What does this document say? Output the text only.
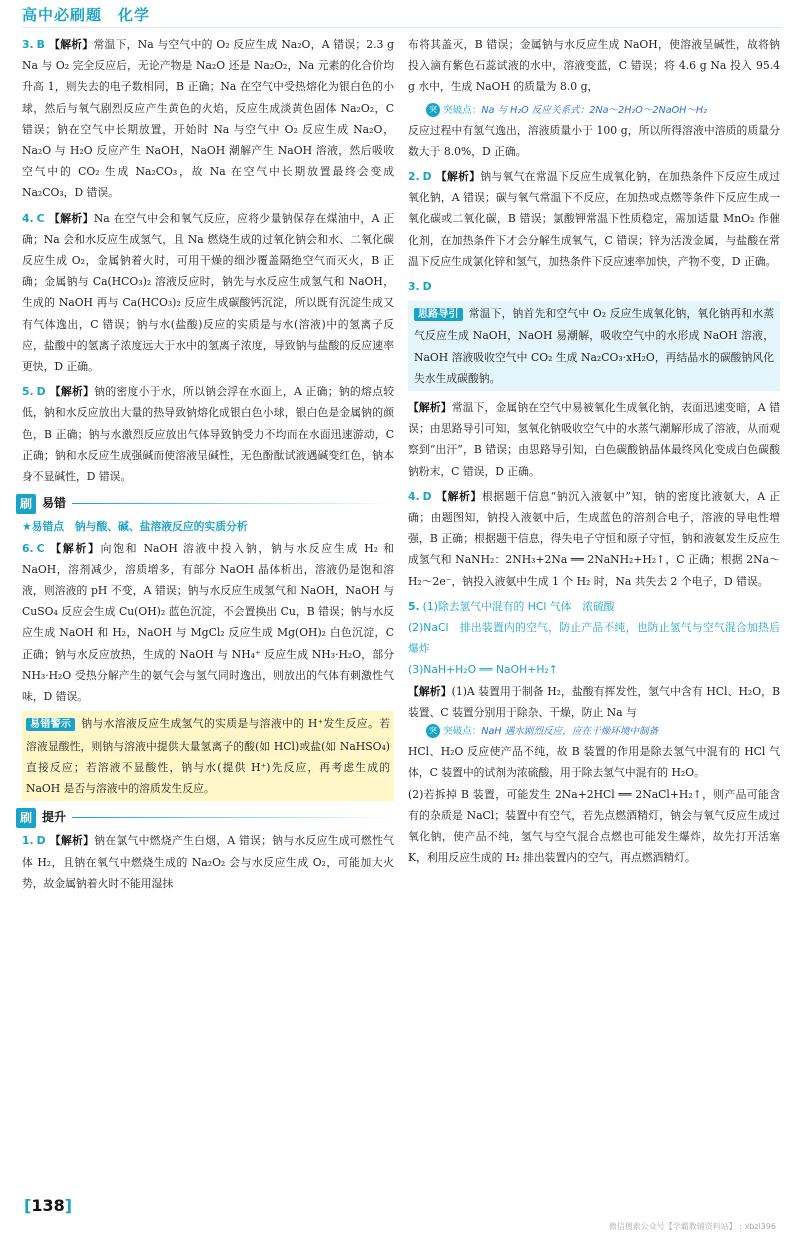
高中必刷题　化学
3. B 【解析】常温下，Na 与空气中的 O₂ 反应生成 Na₂O，A 错误；2.3 g Na 与 O₂ 完全反应后，无论产物是 Na₂O 还是 Na₂O₂，Na 元素的化合价均升高 1，则失去的电子数相同，B 正确；Na 在空气中受热熔化为银白色的小球，然后与氧气剧烈反应产生黄色的火焰，反应生成淡黄色固体 Na₂O₂，C 错误；钠在空气中长期放置，开始时 Na 与空气中 O₂ 反应生成 Na₂O，Na₂O 与 H₂O 反应产生 NaOH，NaOH 潮解产生 NaOH 溶液，然后吸收空气中的 CO₂ 生成 Na₂CO₃，故 Na 在空气中长期放置最终会变成 Na₂CO₃，D 错误。
4. C 【解析】Na 在空气中会和氧气反应，应将少量钠保存在煤油中，A 正确；Na 会和水反应生成氢气，且 Na 燃烧生成的过氧化钠会和水、二氧化碳反应生成 O₂，金属钠着火时，可用干燥的细沙覆盖隔绝空气而灭火，B 正确；金属钠与 Ca(HCO₃)₂ 溶液反应时，钠先与水反应生成氢气和 NaOH，生成的 NaOH 再与 Ca(HCO₃)₂ 反应生成碳酸钙沉淀，所以既有沉淀生成又有气体逸出，C 错误；钠与水(盐酸)反应的实质是与水(溶液)中的氢离子反应，盐酸中的氢离子浓度远大于水中的氢离子浓度，导致钠与盐酸的反应速率更快，D 正确。
5. D 【解析】钠的密度小于水，所以钠会浮在水面上，A 正确；钠的熔点较低，钠和水反应放出大量的热导致钠熔化成银白色小球，银白色是金属钠的颜色，B 正确；钠与水激烈反应放出气体导致钠受力不均而在水面迅速游动，C 正确；钠和水反应生成强碱而使溶液呈碱性，无色酚酞试液遇碱变红色，钠本身不显碱性，D 错误。
刷 易错
★易错点　钠与酸、碱、盐溶液反应的实质分析
6. C 【解析】向饱和 NaOH 溶液中投入钠，钠与水反应生成 H₂ 和 NaOH，溶剂减少，溶质增多，有部分 NaOH 晶体析出，溶液仍是饱和溶液，则溶液的 pH 不变，A 错误；钠与水反应生成氢气和 NaOH，NaOH 与 CuSO₄ 反应会生成 Cu(OH)₂ 蓝色沉淀，不会置换出 Cu，B 错误；钠与水反应生成 NaOH 和 H₂，NaOH 与 MgCl₂ 反应生成 Mg(OH)₂ 白色沉淀，C 正确；钠与水反应放热，生成的 NaOH 与 NH₄⁺ 反应生成 NH₃·H₂O，部分 NH₃·H₂O 受热分解产生的氨气会与氢气同时逸出，则放出的气体有刺激性气味，D 错误。
易错警示 钠与水溶液反应生成氢气的实质是与溶液中的 H⁺发生反应。若溶液显酸性，则钠与溶液中提供大量氢离子的酸(如 HCl)或盐(如 NaHSO₄)直接反应；若溶液不显酸性，钠与水(提供 H⁺)先反应，再考虑生成的 NaOH 是否与溶液中的溶质发生反应。
刷 提升
1. D 【解析】钠在氯气中燃烧产生白烟，A 错误；钠与水反应生成可燃性气体 H₂，且钠在氧气中燃烧生成的 Na₂O₂ 会与水反应生成 O₂，可能加大火势，故金属钠着火时不能用湿抹
布将其盖灭，B 错误；金属钠与水反应生成 NaOH，使溶液呈碱性，故将钠投入滴有紫色石蕊试液的水中，溶液变蓝，C 错误；将 4.6 g Na 投入 95.4 g 水中，生成 NaOH 的质量为 8.0 g，
突 突破点：Na 与 H₂O 反应关系式：2Na～2H₂O～2NaOH～H₂
反应过程中有氢气逸出，溶液质量小于 100 g，所以所得溶液中溶质的质量分数大于 8.0%，D 正确。
2. D 【解析】钠与氧气在常温下反应生成氧化钠，在加热条件下反应生成过氧化钠，A 错误；碳与氧气常温下不反应，在加热或点燃等条件下反应生成一氧化碳或二氧化碳，B 错误；氯酸钾常温下性质稳定，需加适量 MnO₂ 作催化剂，在加热条件下才会分解生成氧气，C 错误；锌为活泼金属，与盐酸在常温下反应生成氯化锌和氢气，加热条件下反应速率加快，产物不变，D 正确。
3. D
思路导引 常温下，钠首先和空气中 O₂ 反应生成氧化钠，氧化钠再和水蒸气反应生成 NaOH，NaOH 易潮解，吸收空气中的水形成 NaOH 溶液，NaOH 溶液吸收空气中 CO₂ 生成 Na₂CO₃·xH₂O，再结晶水的碳酸钠风化失水生成碳酸钠。
【解析】常温下，金属钠在空气中易被氧化生成氧化钠，表面迅速变暗，A 错误；由思路导引可知，氢氧化钠吸收空气中的水蒸气潮解形成了溶液，从而观察到“出汗”，B 错误；由思路导引知，白色碳酸钠晶体最终风化变成白色碳酸钠粉末，C 错误，D 正确。
4. D 【解析】根据题干信息“钠沉入液氨中”知，钠的密度比液氨大，A 正确；由题图知，钠投入液氨中后，生成蓝色的溶剂合电子，溶液的导电性增强，B 正确；根据题干信息，得失电子守恒和原子守恒，钠和液氨发生反应生成氢气和 NaNH₂：2NH₃+2Na ══ 2NaNH₂+H₂↑，C 正确；根据 2Na～H₂～2e⁻，钠投入液氨中生成 1 个 H₂ 时，Na 共失去 2 个电子，D 错误。
5. (1)除去氢气中混有的 HCl 气体　浓硫酸
(2)NaCl　排出装置内的空气，防止产品不纯，也防止氢气与空气混合加热后爆炸
(3)NaH+H₂O ══ NaOH+H₂↑
【解析】(1)A 装置用于制备 H₂，盐酸有挥发性，氢气中含有 HCl、H₂O，B 装置、C 装置分别用于除杂、干燥，防止 Na 与
突 突破点：NaH 遇水剧烈反应，应在干燥环境中制备
HCl、H₂O 反应使产品不纯，故 B 装置的作用是除去氢气中混有的 HCl 气体，C 装置中的试剂为浓硫酸，用于除去氢气中混有的 H₂O。
(2)若拆掉 B 装置，可能发生 2Na+2HCl ══ 2NaCl+H₂↑，则产品可能含有的杂质是 NaCl；装置中有空气，若先点燃酒精灯，钠会与氧气反应生成过氧化钠，使产品不纯，氢气与空气混合点燃也可能发生爆炸，故先打开活塞 K，利用反应生成的 H₂ 排出装置内的空气，再点燃酒精灯。
[138]
微信搜索公众号【学霸教辅资料站】 : xbzl396
